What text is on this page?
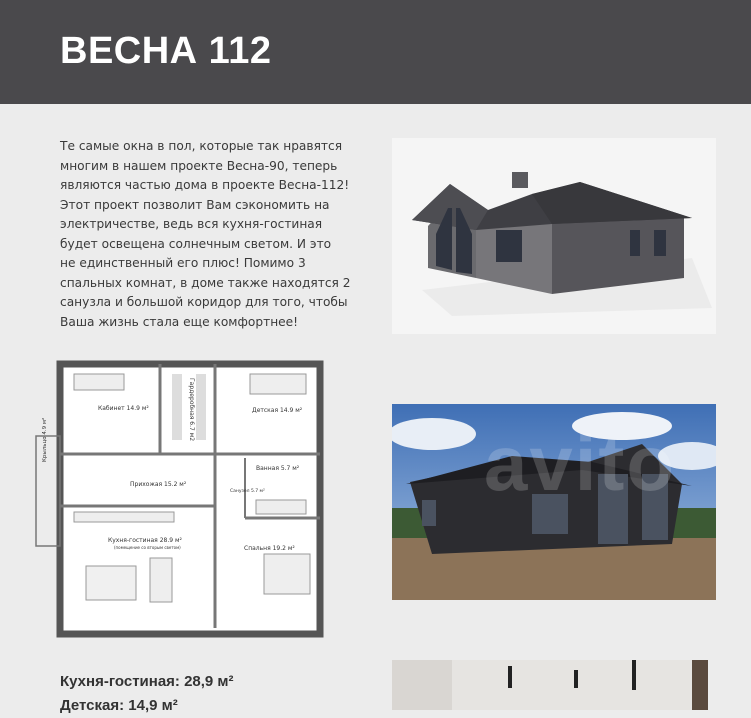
ВЕСНА 112

Те самые окна в пол, которые так нравятся
многим в нашем проекте Весна-90, теперь
являются частью дома в проекте Весна-112!
Этот проект позволит Вам сэкономить на
электричестве, ведь вся кухня-гостиная
будет освещена солнечным светом. И это
не единственный его плюс! Помимо 3
спальных комнат, в доме также находятся 2
санузла и большой коридор для того, чтобы
Ваша жизнь стала еще комфортнее!

Кабинет 14.9 м²	Гардеробная 6.7 м2	Детская 14.9 м²
Ванная 5.7 м²
Прихожая 15.2 м²
Санузел 5.7 м²
Крыльцо 4.9 м²
Кухня-гостиная 28.9 м²
(помещение со вторым светом)	Спальня 19.2 м²
avito

Кухня-гостиная: 28,9 м²
Детская: 14,9 м²
